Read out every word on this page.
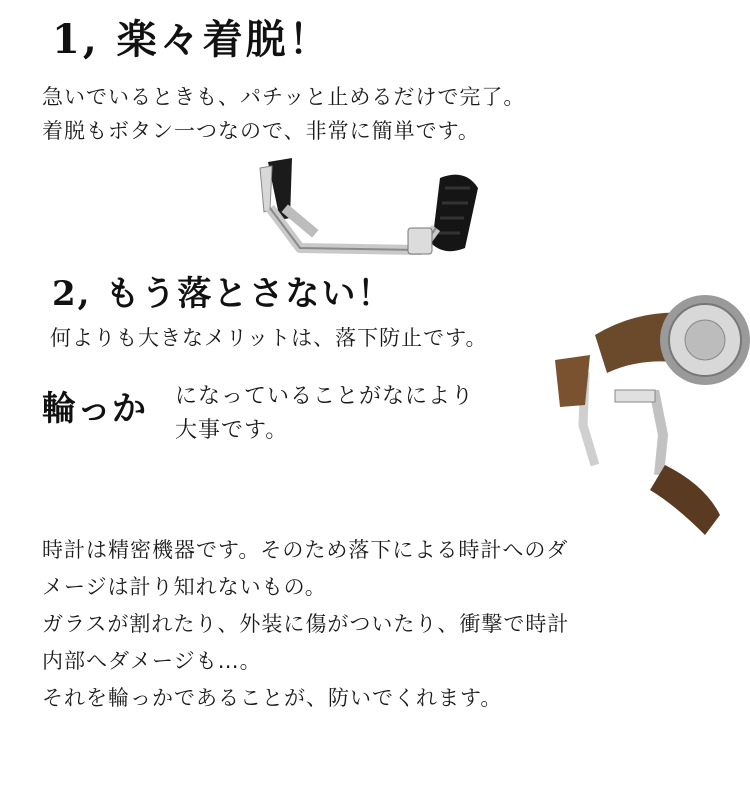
1, 楽々着脱！
急いでいるときも、パチッと止めるだけで完了。
着脱もボタン一つなので、非常に簡単です。
2, もう落とさない！
何よりも大きなメリットは、落下防止です。
輪っか になっていることがなにより
大事です。
時計は精密機器です。そのため落下による時計へのダ
メージは計り知れないもの。
ガラスが割れたり、外装に傷がついたり、衝撃で時計
内部へダメージも…。
それを輪っかであることが、防いでくれます。
